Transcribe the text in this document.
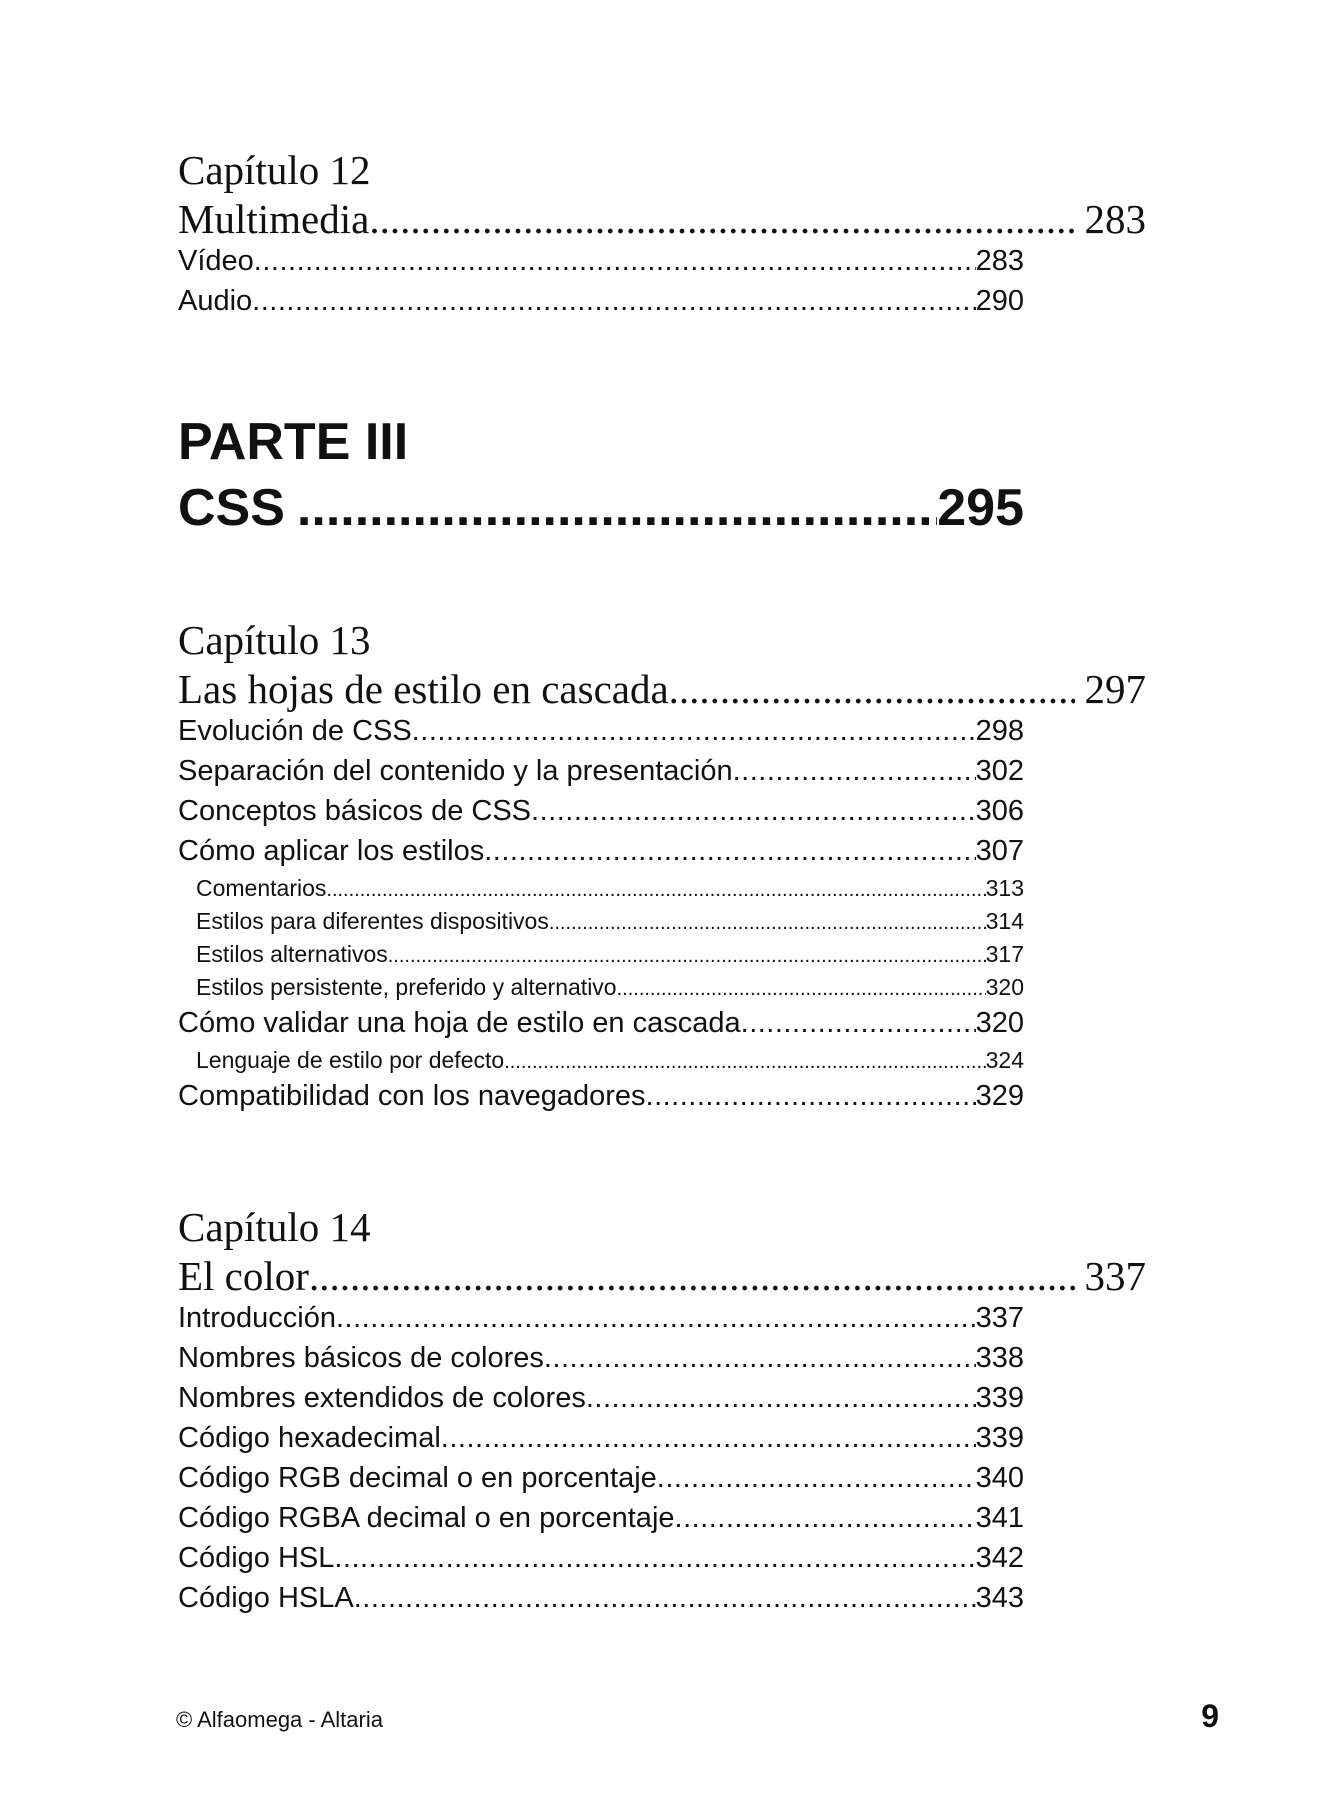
Capítulo 12
Multimedia .....	283
Vídeo .....	283
Audio .....	290
PARTE III
CSS .....	295
Capítulo 13
Las hojas de estilo en cascada .....	297
Evolución de CSS .....	298
Separación del contenido y la presentación .....	302
Conceptos básicos de CSS .....	306
Cómo aplicar los estilos .....	307
Comentarios .....	313
Estilos para diferentes dispositivos .....	314
Estilos alternativos .....	317
Estilos persistente, preferido y alternativo .....	320
Cómo validar una hoja de estilo en cascada .....	320
Lenguaje de estilo por defecto .....	324
Compatibilidad con los navegadores .....	329
Capítulo 14
El color .....	337
Introducción .....	337
Nombres básicos de colores .....	338
Nombres extendidos de colores .....	339
Código hexadecimal .....	339
Código RGB decimal o en porcentaje .....	340
Código RGBA decimal o en porcentaje .....	341
Código HSL .....	342
Código HSLA .....	343
© Alfaomega - Altaria	9
